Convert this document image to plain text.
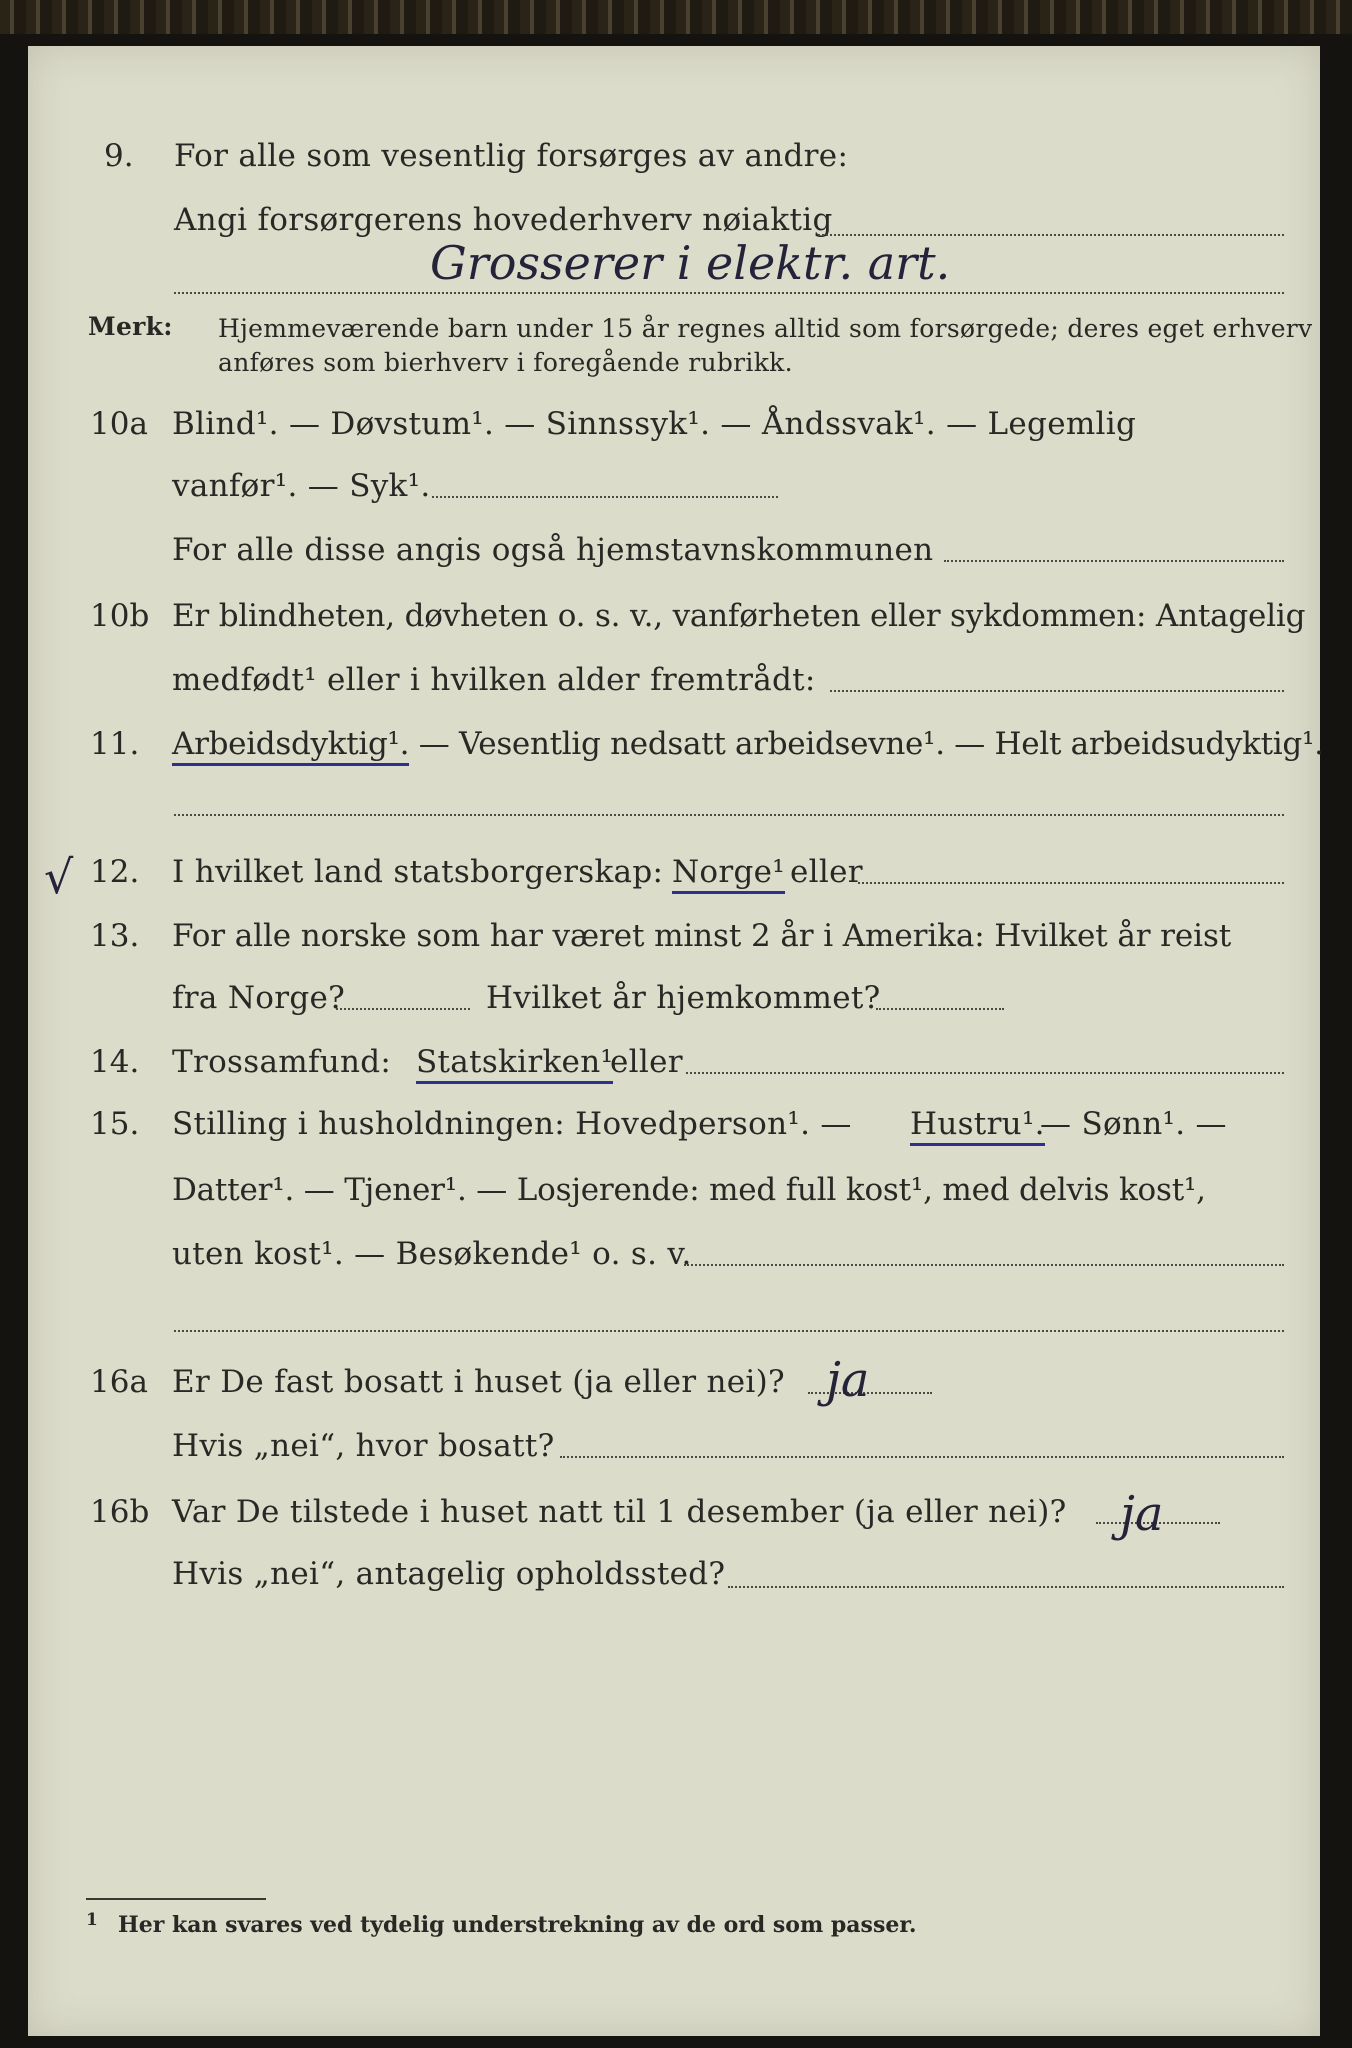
9. For alle som vesentlig forsørges av andre:
Angi forsørgerens hovederhverv nøiaktig
Grosserer i elektr. art.
Merk: Hjemmeværende barn under 15 år regnes alltid som forsørgede; deres eget erhverv
anføres som bierhverv i foregående rubrikk.
10a Blind¹. — Døvstum¹. — Sinnssyk¹. — Åndssvak¹. — Legemlig
vanfør¹. — Syk¹.
For alle disse angis også hjemstavnskommunen
10b Er blindheten, døvheten o. s. v., vanførheten eller sykdommen: Antagelig
medfødt¹ eller i hvilken alder fremtrådt:
11. Arbeidsdyktig¹. — Vesentlig nedsatt arbeidsevne¹. — Helt arbeidsudyktig¹.
√ 12. I hvilket land statsborgerskap: Norge¹ eller
13. For alle norske som har været minst 2 år i Amerika: Hvilket år reist
fra Norge?	Hvilket år hjemkommet?
14. Trossamfund: Statskirken¹
eller
15. Stilling i husholdningen: Hovedperson¹. — Hustru¹.
— Sønn¹. —
Datter¹. — Tjener¹. — Losjerende: med full kost¹, med delvis kost¹,
uten kost¹. — Besøkende¹ o. s. v.
16a Er De fast bosatt i huset (ja eller nei)? ja
Hvis „nei“, hvor bosatt?
16b Var De tilstede i huset natt til 1 desember (ja eller nei)? ja
Hvis „nei“, antagelig opholdssted?
1 Her kan svares ved tydelig understrekning av de ord som passer.
